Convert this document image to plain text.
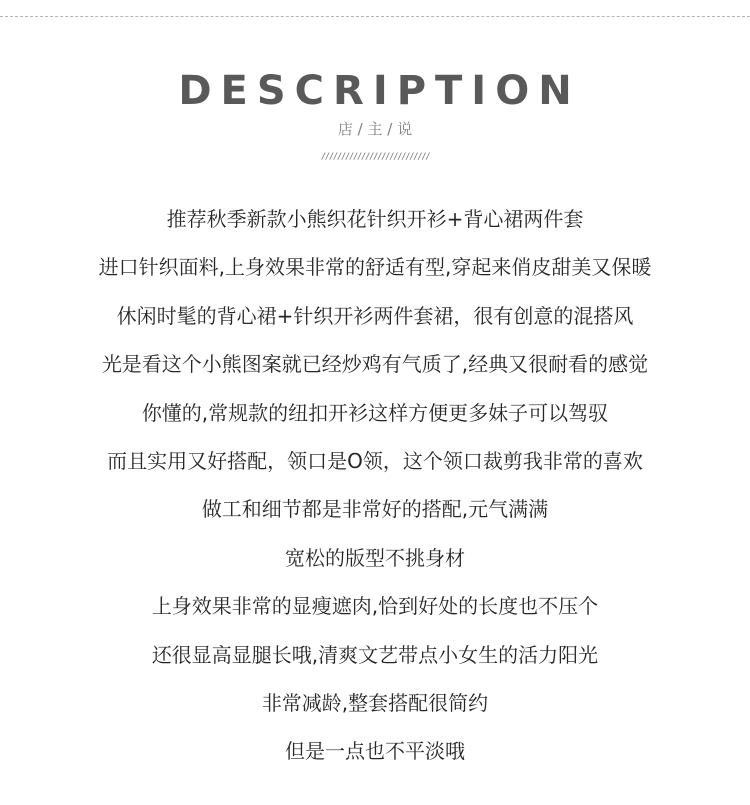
DESCRIPTION
店 / 主 / 说
///////////////////////////
推荐秋季新款小熊织花针织开衫+背心裙两件套
进口针织面料,上身效果非常的舒适有型,穿起来俏皮甜美又保暖
休闲时髦的背心裙+针织开衫两件套裙，很有创意的混搭风
光是看这个小熊图案就已经炒鸡有气质了,经典又很耐看的感觉
你懂的,常规款的纽扣开衫这样方便更多妹子可以驾驭
而且实用又好搭配，领口是O领，这个领口裁剪我非常的喜欢
做工和细节都是非常好的搭配,元气满满
宽松的版型不挑身材
上身效果非常的显瘦遮肉,恰到好处的长度也不压个
还很显高显腿长哦,清爽文艺带点小女生的活力阳光
非常减龄,整套搭配很简约
但是一点也不平淡哦
